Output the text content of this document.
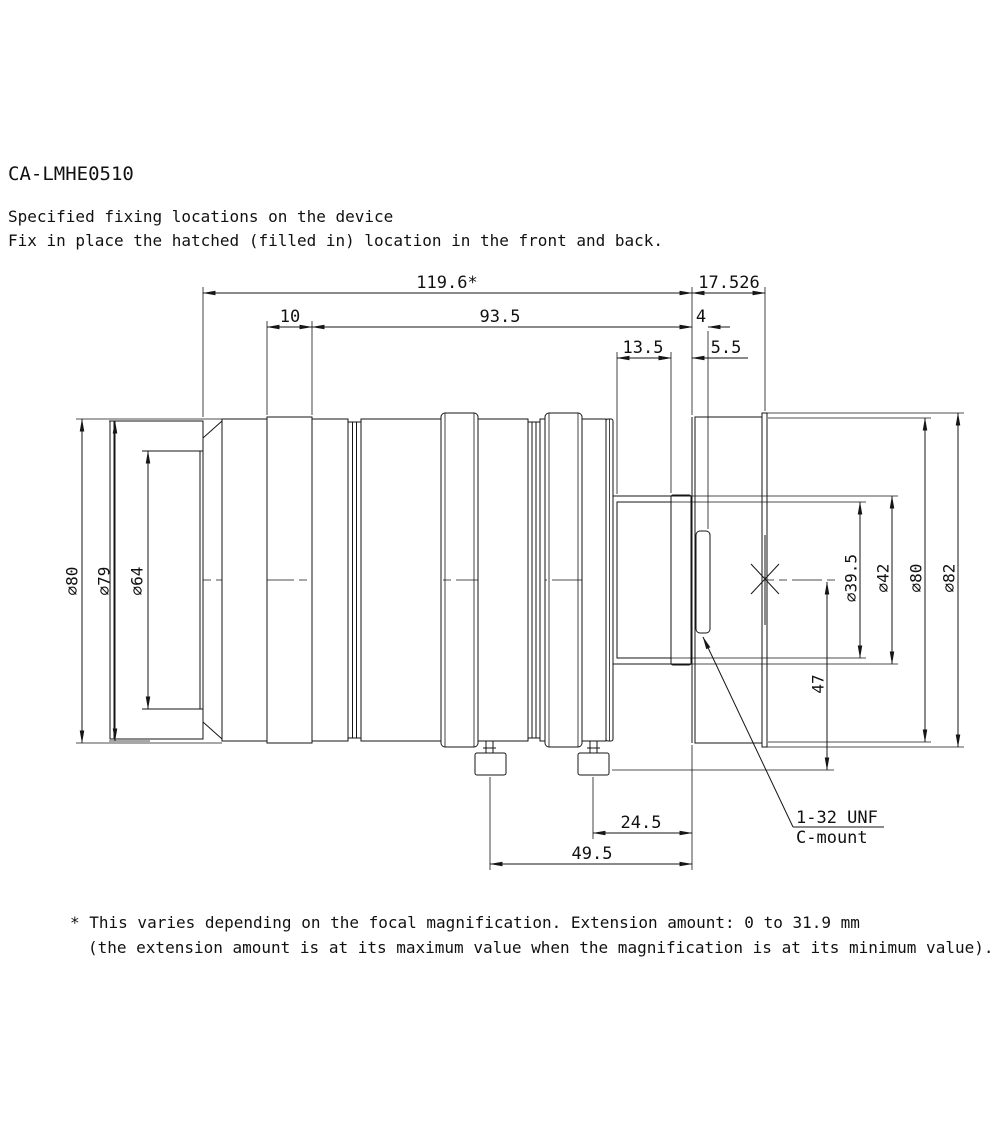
CA-LMHE0510
Specified fixing locations on the device
Fix in place the hatched (filled in) location in the front and back.
119.6*	17.526
10	93.5	4
13.5	5.5
∅80 ∅79 ∅64	∅39.5 ∅42 ∅80 ∅82
47
24.5
49.5
1-32 UNF
C-mount
* This varies depending on the focal magnification. Extension amount: 0 to 31.9 mm
(the extension amount is at its maximum value when the magnification is at its minimum value).
